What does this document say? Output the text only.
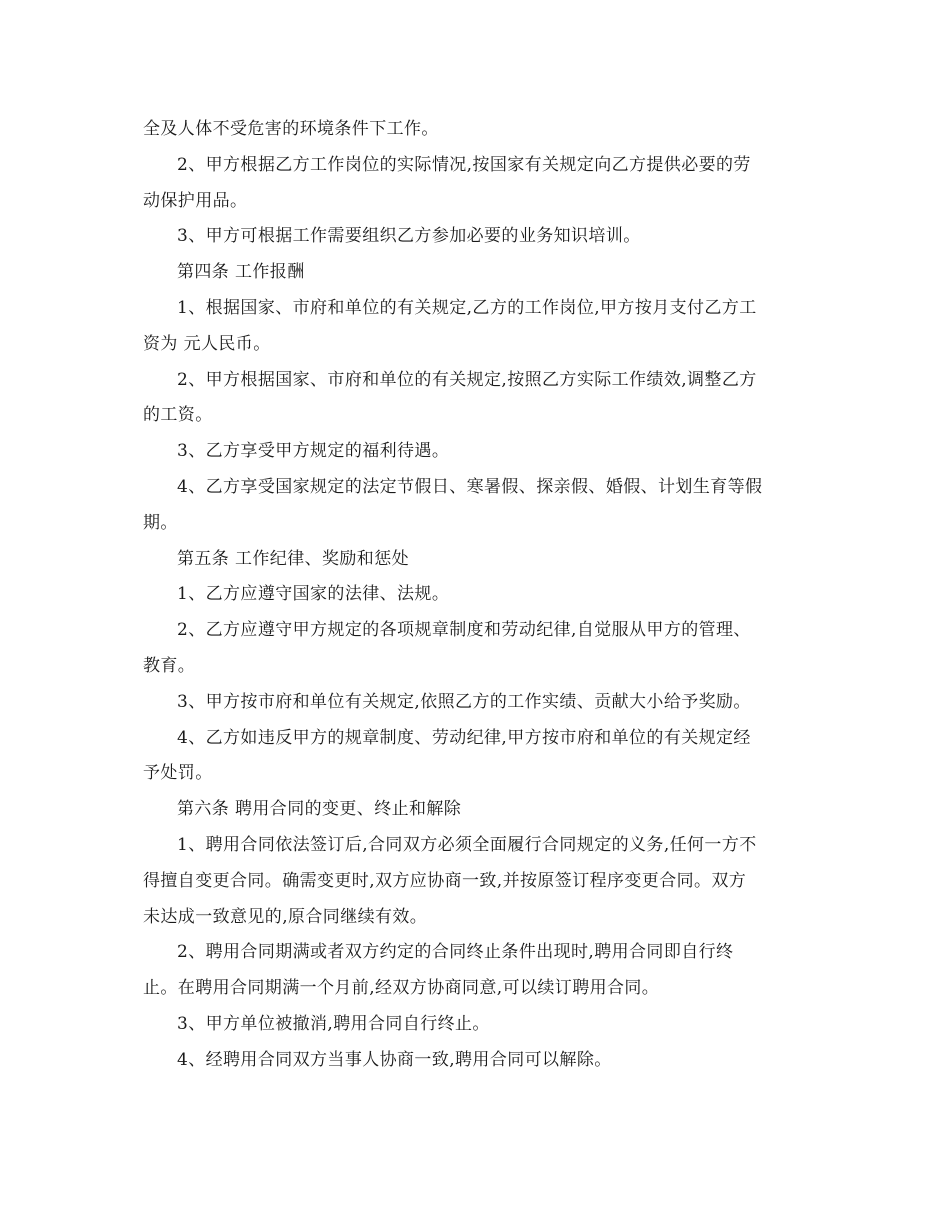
全及人体不受危害的环境条件下工作。
2、甲方根据乙方工作岗位的实际情况,按国家有关规定向乙方提供必要的劳
动保护用品。
3、甲方可根据工作需要组织乙方参加必要的业务知识培训。
第四条 工作报酬
1、根据国家、市府和单位的有关规定,乙方的工作岗位,甲方按月支付乙方工
资为 元人民币。
2、甲方根据国家、市府和单位的有关规定,按照乙方实际工作绩效,调整乙方
的工资。
3、乙方享受甲方规定的福利待遇。
4、乙方享受国家规定的法定节假日、寒暑假、探亲假、婚假、计划生育等假
期。
第五条 工作纪律、奖励和惩处
1、乙方应遵守国家的法律、法规。
2、乙方应遵守甲方规定的各项规章制度和劳动纪律,自觉服从甲方的管理、
教育。
3、甲方按市府和单位有关规定,依照乙方的工作实绩、贡献大小给予奖励。
4、乙方如违反甲方的规章制度、劳动纪律,甲方按市府和单位的有关规定经
予处罚。
第六条 聘用合同的变更、终止和解除
1、聘用合同依法签订后,合同双方必须全面履行合同规定的义务,任何一方不
得擅自变更合同。确需变更时,双方应协商一致,并按原签订程序变更合同。双方
未达成一致意见的,原合同继续有效。
2、聘用合同期满或者双方约定的合同终止条件出现时,聘用合同即自行终
止。在聘用合同期满一个月前,经双方协商同意,可以续订聘用合同。
3、甲方单位被撤消,聘用合同自行终止。
4、经聘用合同双方当事人协商一致,聘用合同可以解除。
